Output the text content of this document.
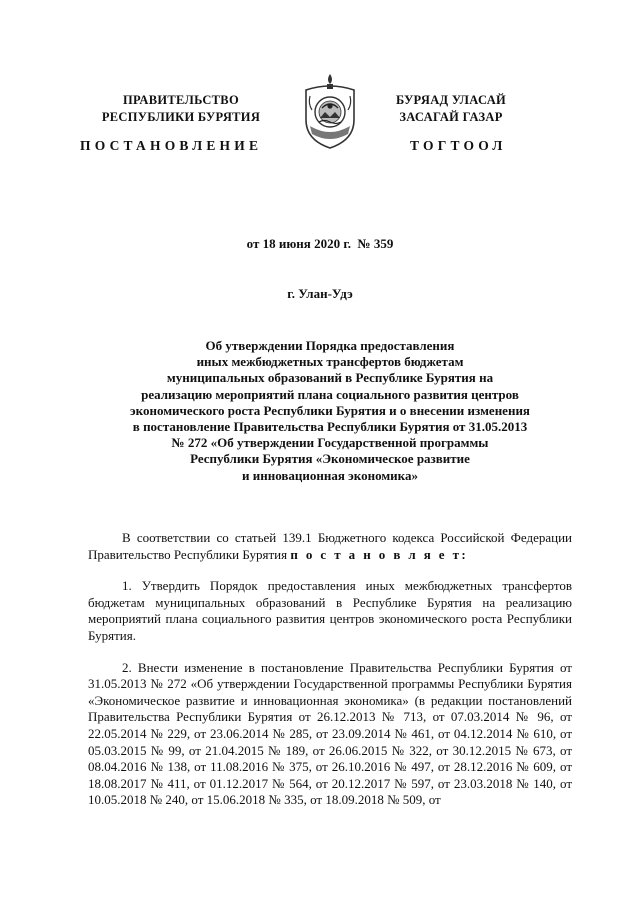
ПРАВИТЕЛЬСТВО
РЕСПУБЛИКИ БУРЯТИЯ
БУРЯАД УЛАСАЙ
ЗАСАГАЙ ГАЗАР
ПОСТАНОВЛЕНИЕ	ТОГТООЛ
от 18 июня 2020 г.  № 359
г. Улан-Удэ
Об утверждении Порядка предоставления
иных межбюджетных трансфертов бюджетам
муниципальных образований в Республике Бурятия на
реализацию мероприятий плана социального развития центров
экономического роста Республики Бурятия и о внесении изменения
в постановление Правительства Республики Бурятия от 31.05.2013
№ 272 «Об утверждении Государственной программы
Республики Бурятия «Экономическое развитие
и инновационная экономика»

В соответствии со статьей 139.1 Бюджетного кодекса Российской Федерации Правительство Республики Бурятия п о с т а н о в л я е т:

1. Утвердить Порядок предоставления иных межбюджетных трансфертов бюджетам муниципальных образований в Республике Бурятия на реализацию мероприятий плана социального развития центров экономического роста Республики Бурятия.

2. Внести изменение в постановление Правительства Республики Бурятия от 31.05.2013 № 272 «Об утверждении Государственной программы Республики Бурятия «Экономическое развитие и инновационная экономика» (в редакции постановлений Правительства Республики Бурятия от 26.12.2013 № 713, от 07.03.2014 № 96, от 22.05.2014 № 229, от 23.06.2014 № 285, от 23.09.2014 № 461, от 04.12.2014 № 610, от 05.03.2015 № 99, от 21.04.2015 № 189, от 26.06.2015 № 322, от 30.12.2015 № 673, от 08.04.2016 № 138, от 11.08.2016 № 375, от 26.10.2016 № 497, от 28.12.2016 № 609, от 18.08.2017 № 411, от 01.12.2017 № 564, от 20.12.2017 № 597, от 23.03.2018 № 140, от 10.05.2018 № 240, от 15.06.2018 № 335, от 18.09.2018 № 509, от
